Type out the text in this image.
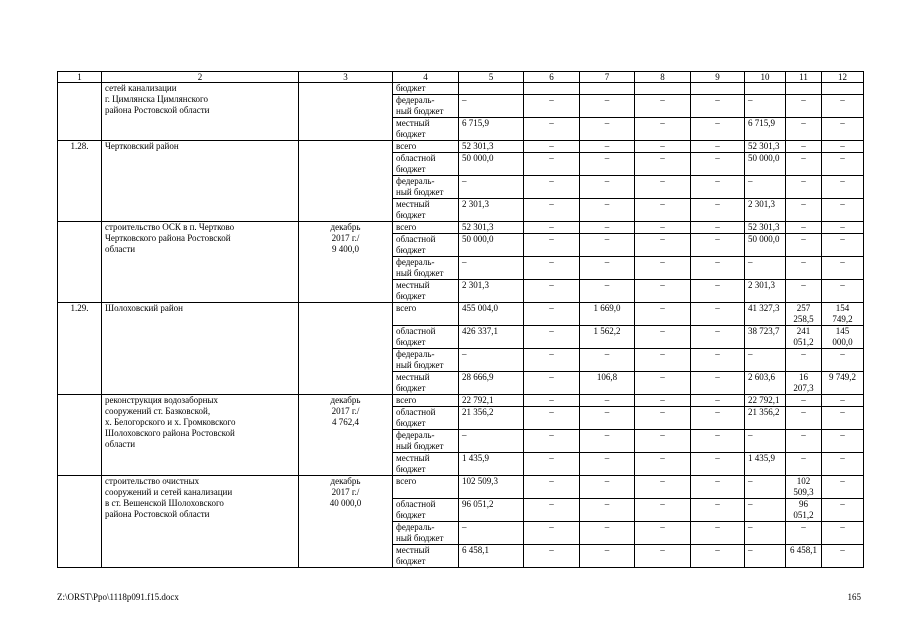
1	2	3	4	5	6	7	8	9	10	11	12
	сетей канализации
г. Цимлянска Цимлянского
района Ростовской области		бюджет								
			федераль-
ный бюджет	–	–	–	–	–	–	–	–
			местный
бюджет	6 715,9	–	–	–	–	6 715,9	–	–
1.28.	Чертковский район		всего	52 301,3	–	–	–	–	52 301,3	–	–
			областной
бюджет	50 000,0	–	–	–	–	50 000,0	–	–
			федераль-
ный бюджет	–	–	–	–	–	–	–	–
			местный
бюджет	2 301,3	–	–	–	–	2 301,3	–	–
	строительство ОСК в п. Чертково
Чертковского района Ростовской
области	декабрь
2017 г./
9 400,0	всего	52 301,3	–	–	–	–	52 301,3	–	–
			областной
бюджет	50 000,0	–	–	–	–	50 000,0	–	–
			федераль-
ный бюджет	–	–	–	–	–	–	–	–
			местный
бюджет	2 301,3	–	–	–	–	2 301,3	–	–
1.29.	Шолоховский район		всего	455 004,0	–	1 669,0	–	–	41 327,3	257 258,5	154 749,2
			областной
бюджет	426 337,1	–	1 562,2	–	–	38 723,7	241 051,2	145 000,0
			федераль-
ный бюджет	–	–	–	–	–	–	–	–
			местный
бюджет	28 666,9	–	106,8	–	–	2 603,6	16 207,3	9 749,2
	реконструкция водозаборных
сооружений ст. Базковской,
х. Белогорского и х. Громковского
Шолоховского района Ростовской
области	декабрь
2017 г./
4 762,4	всего	22 792,1	–	–	–	–	22 792,1	–	–
			областной
бюджет	21 356,2	–	–	–	–	21 356,2	–	–
			федераль-
ный бюджет	–	–	–	–	–	–	–	–
			местный
бюджет	1 435,9	–	–	–	–	1 435,9	–	–
	строительство очистных
сооружений и сетей канализации
в ст. Вешенской Шолоховского
района Ростовской области	декабрь
2017 г./
40 000,0	всего	102 509,3	–	–	–	–	–	102 509,3	–
			областной
бюджет	96 051,2	–	–	–	–	–	96 051,2	–
			федераль-
ный бюджет	–	–	–	–	–	–	–	–
			местный
бюджет	6 458,1	–	–	–	–	–	6 458,1	–
Z:\ORST\Ppo\1118p091.f15.docx	165
